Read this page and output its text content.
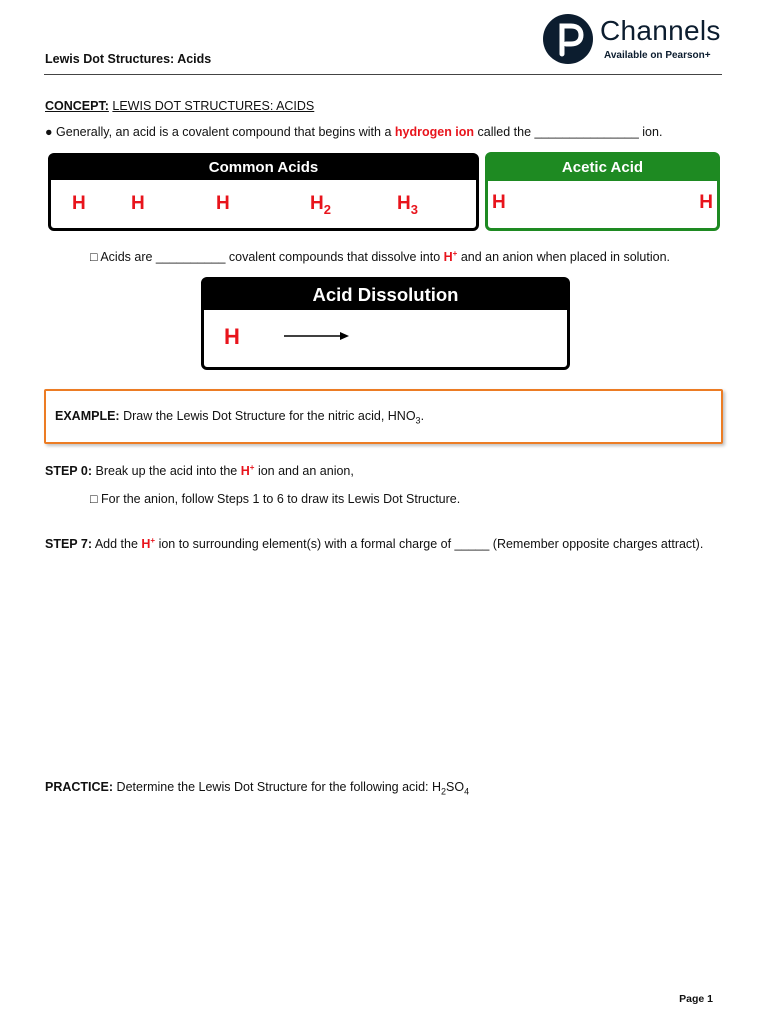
Lewis Dot Structures: Acids
Channels
Available on Pearson+
CONCEPT: LEWIS DOT STRUCTURES: ACIDS
● Generally, an acid is a covalent compound that begins with a hydrogen ion called the _______________ ion.
Common Acids
H H	H	$H_2$	$H_3$
Acetic Acid
H	H
□ Acids are __________ covalent compounds that dissolve into H+ and an anion when placed in solution.
Acid Dissolution
H
EXAMPLE: Draw the Lewis Dot Structure for the nitric acid, $HNO_3$.
STEP 0: Break up the acid into the H+ ion and an anion,
□ For the anion, follow Steps 1 to 6 to draw its Lewis Dot Structure.
STEP 7: Add the H+ ion to surrounding element(s) with a formal charge of _____ (Remember opposite charges attract).
PRACTICE: Determine the Lewis Dot Structure for the following acid: $H_2SO_4$
Page 1
